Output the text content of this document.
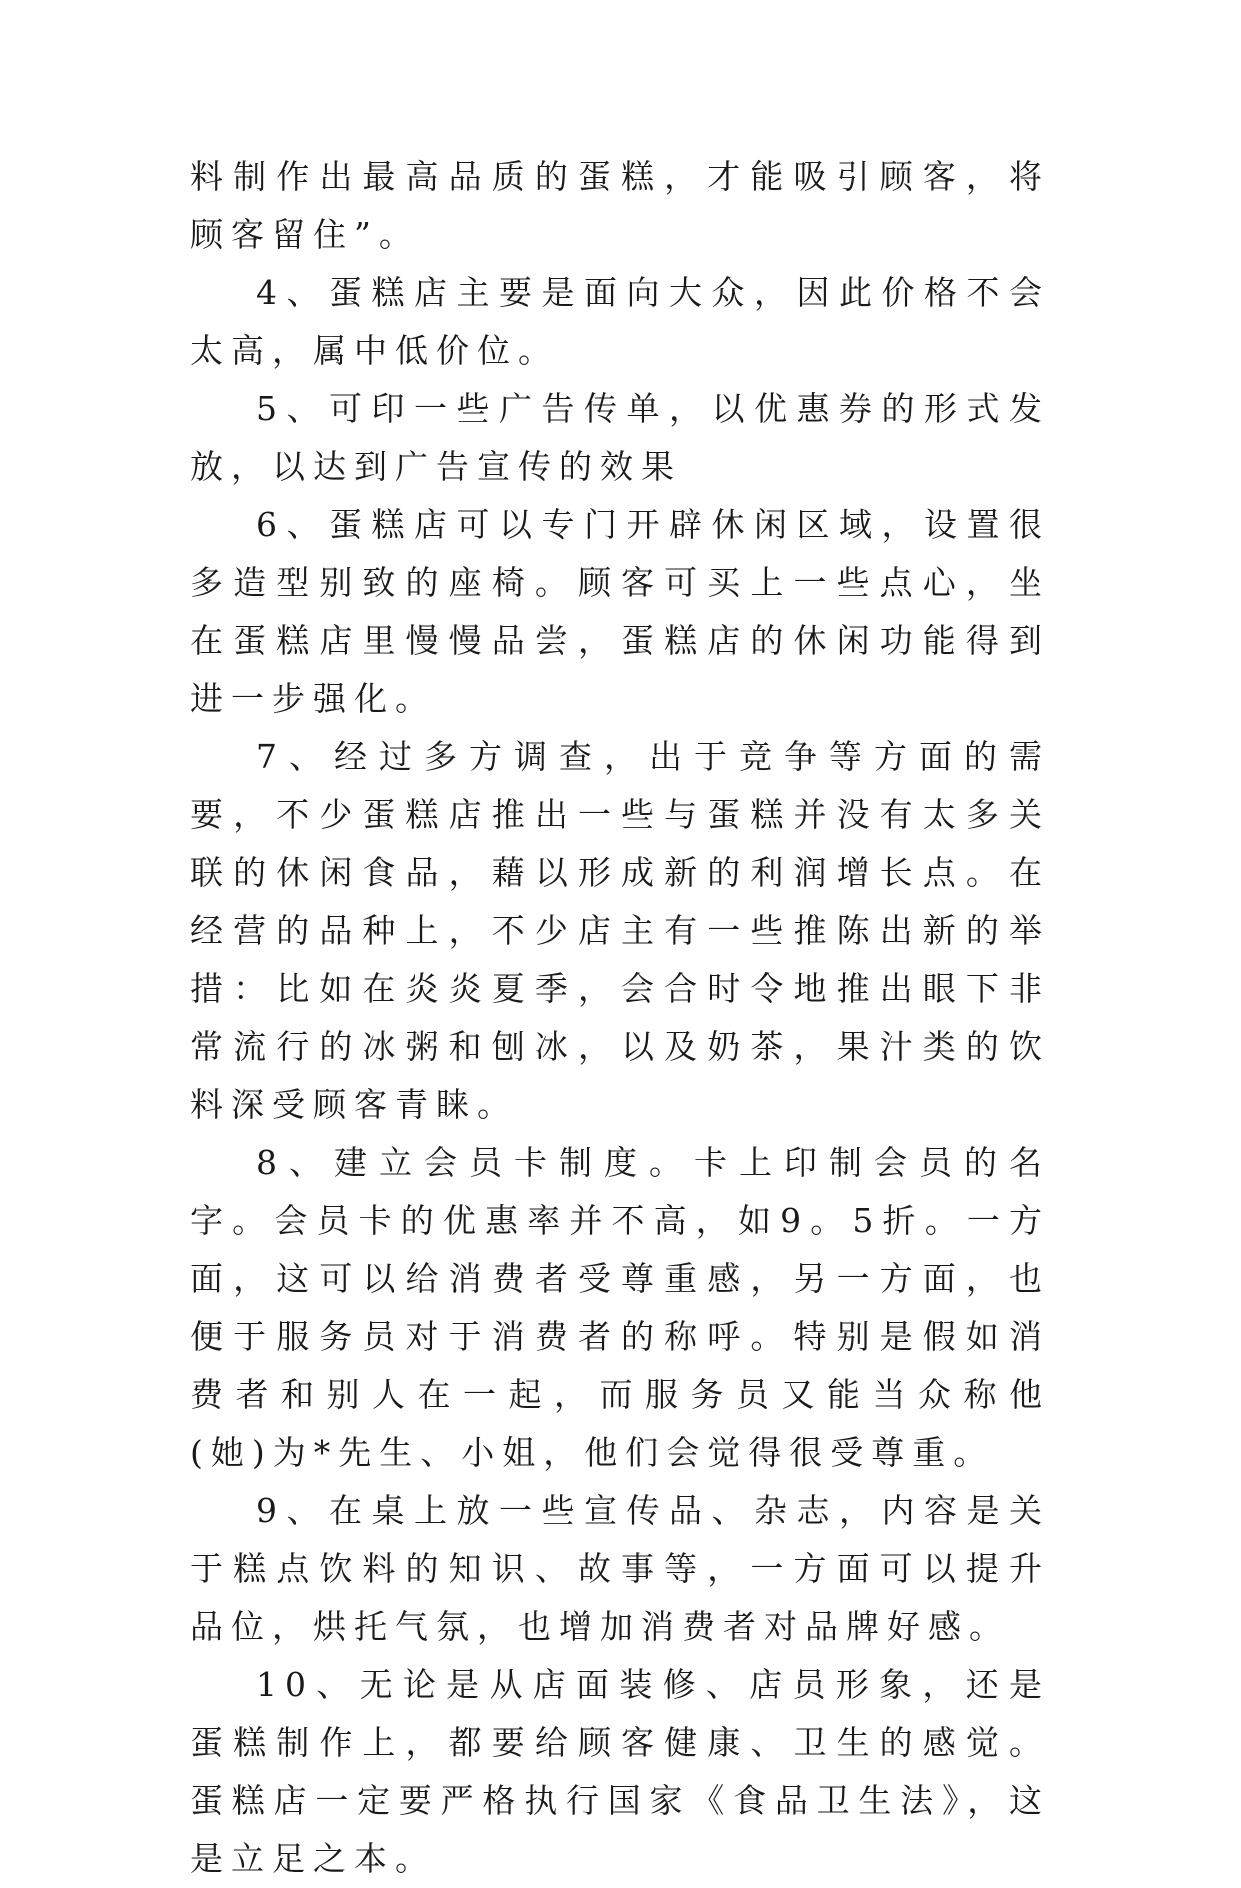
料制作出最高品质的蛋糕，才能吸引顾客，将顾客留住”。

4、蛋糕店主要是面向大众，因此价格不会太高，属中低价位。

5、可印一些广告传单，以优惠券的形式发放，以达到广告宣传的效果

6、蛋糕店可以专门开辟休闲区域，设置很多造型别致的座椅。顾客可买上一些点心，坐在蛋糕店里慢慢品尝，蛋糕店的休闲功能得到进一步强化。

7、经过多方调查，出于竞争等方面的需要，不少蛋糕店推出一些与蛋糕并没有太多关联的休闲食品，藉以形成新的利润增长点。在经营的品种上，不少店主有一些推陈出新的举措：比如在炎炎夏季，会合时令地推出眼下非常流行的冰粥和刨冰，以及奶茶，果汁类的饮料深受顾客青睐。

8、建立会员卡制度。卡上印制会员的名字。会员卡的优惠率并不高，如9。5折。一方面，这可以给消费者受尊重感，另一方面，也便于服务员对于消费者的称呼。特别是假如消费者和别人在一起，而服务员又能当众称他(她)为*先生、小姐，他们会觉得很受尊重。

9、在桌上放一些宣传品、杂志，内容是关于糕点饮料的知识、故事等，一方面可以提升品位，烘托气氛，也增加消费者对品牌好感。

10、无论是从店面装修、店员形象，还是蛋糕制作上，都要给顾客健康、卫生的感觉。蛋糕店一定要严格执行国家《食品卫生法》，这是立足之本。
